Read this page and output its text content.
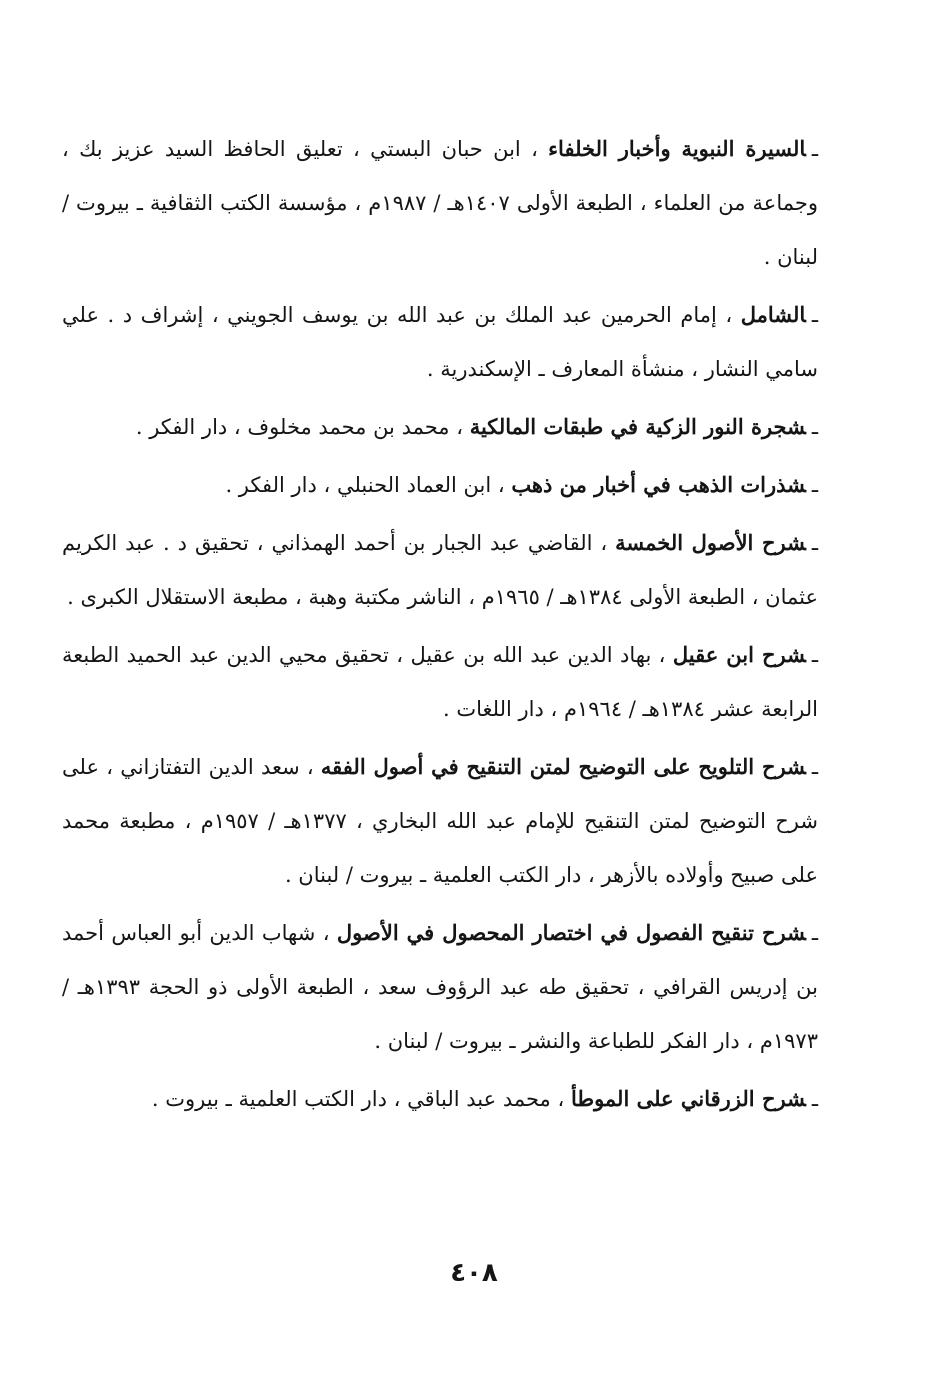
ـالسيرة النبوية وأخبار الخلفاء ، ابن حبان البستي ، تعليق الحافظ السيد عزيز بك ، وجماعة من العلماء ، الطبعة الأولى ١٤٠٧هـ / ١٩٨٧م ، مؤسسة الكتب الثقافية ـ بيروت / لبنان .

ـالشامل ، إمام الحرمين عبد الملك بن عبد الله بن يوسف الجويني ، إشراف د . علي سامي النشار ، منشأة المعارف ـ الإسكندرية .

ـشجرة النور الزكية في طبقات المالكية ، محمد بن محمد مخلوف ، دار الفكر .

ـشذرات الذهب في أخبار من ذهب ، ابن العماد الحنبلي ، دار الفكر .

ـشرح الأصول الخمسة ، القاضي عبد الجبار بن أحمد الهمذاني ، تحقيق د . عبد الكريم عثمان ، الطبعة الأولى ١٣٨٤هـ / ١٩٦٥م ، الناشر مكتبة وهبة ، مطبعة الاستقلال الكبرى .

ـشرح ابن عقيل ، بهاد الدين عبد الله بن عقيل ، تحقيق محيي الدين عبد الحميد الطبعة الرابعة عشر ١٣٨٤هـ / ١٩٦٤م ، دار اللغات .

ـشرح التلويح على التوضيح لمتن التنقيح في أصول الفقه ، سعد الدين التفتازاني ، على شرح التوضيح لمتن التنقيح للإمام عبد الله البخاري ، ١٣٧٧هـ / ١٩٥٧م ، مطبعة محمد على صبيح وأولاده بالأزهر ، دار الكتب العلمية ـ بيروت / لبنان .

ـشرح تنقيح الفصول في اختصار المحصول في الأصول ، شهاب الدين أبو العباس أحمد بن إدريس القرافي ، تحقيق طه عبد الرؤوف سعد ، الطبعة الأولى ذو الحجة ١٣٩٣هـ / ١٩٧٣م ، دار الفكر للطباعة والنشر ـ بيروت / لبنان .

ـشرح الزرقاني على الموطأ ، محمد عبد الباقي ، دار الكتب العلمية ـ بيروت .

٤٠٨
